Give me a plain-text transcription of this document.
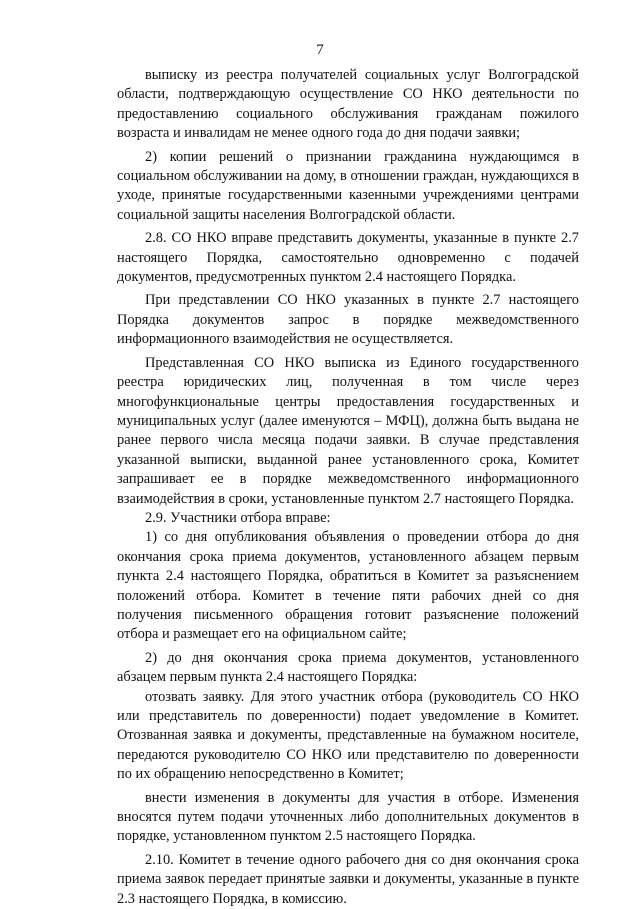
7

выписку из реестра получателей социальных услуг Волгоградской области, подтверждающую осуществление СО НКО деятельности по предоставлению социального обслуживания гражданам пожилого возраста и инвалидам не менее одного года до дня подачи заявки;

2) копии решений о признании гражданина нуждающимся в социальном обслуживании на дому, в отношении граждан, нуждающихся в уходе, принятые государственными казенными учреждениями центрами социальной защиты населения Волгоградской области.

2.8. СО НКО вправе представить документы, указанные в пункте 2.7 настоящего Порядка, самостоятельно одновременно с подачей документов, предусмотренных пунктом 2.4 настоящего Порядка.

При представлении СО НКО указанных в пункте 2.7 настоящего Порядка документов запрос в порядке межведомственного информационного взаимодействия не осуществляется.

Представленная СО НКО выписка из Единого государственного реестра юридических лиц, полученная в том числе через многофункциональные центры предоставления государственных и муниципальных услуг (далее именуются – МФЦ), должна быть выдана не ранее первого числа месяца подачи заявки. В случае представления указанной выписки, выданной ранее установленного срока, Комитет запрашивает ее в порядке межведомственного информационного взаимодействия в сроки, установленные пунктом 2.7 настоящего Порядка.

2.9. Участники отбора вправе:

1) со дня опубликования объявления о проведении отбора до дня окончания срока приема документов, установленного абзацем первым пункта 2.4 настоящего Порядка, обратиться в Комитет за разъяснением положений отбора. Комитет в течение пяти рабочих дней со дня получения письменного обращения готовит разъяснение положений отбора и размещает его на официальном сайте;

2) до дня окончания срока приема документов, установленного абзацем первым пункта 2.4 настоящего Порядка:

отозвать заявку. Для этого участник отбора (руководитель СО НКО или представитель по доверенности) подает уведомление в Комитет. Отозванная заявка и документы, представленные на бумажном носителе, передаются руководителю СО НКО или представителю по доверенности по их обращению непосредственно в Комитет;

внести изменения в документы для участия в отборе. Изменения вносятся путем подачи уточненных либо дополнительных документов в порядке, установленном пунктом 2.5 настоящего Порядка.

2.10. Комитет в течение одного рабочего дня со дня окончания срока приема заявок передает принятые заявки и документы, указанные в пункте 2.3 настоящего Порядка, в комиссию.
